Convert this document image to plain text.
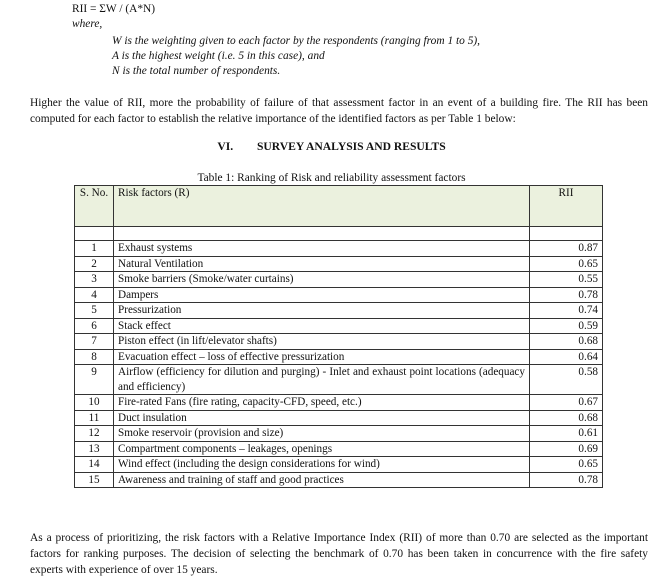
RII = ΣW / (A*N)
where,
W is the weighting given to each factor by the respondents (ranging from 1 to 5),
A is the highest weight (i.e. 5 in this case), and
N is the total number of respondents.
Higher the value of RII, more the probability of failure of that assessment factor in an event of a building fire. The RII has been
computed for each factor to establish the relative importance of the identified factors as per Table 1 below:
VI. SURVEY ANALYSIS AND RESULTS
Table 1: Ranking of Risk and reliability assessment factors
S. No.	Risk factors (R)	RII

1	Exhaust systems	0.87
2	Natural Ventilation	0.65
3	Smoke barriers (Smoke/water curtains)	0.55
4	Dampers	0.78
5	Pressurization	0.74
6	Stack effect	0.59
7	Piston effect (in lift/elevator shafts)	0.68
8	Evacuation effect – loss of effective pressurization	0.64
9	Airflow (efficiency for dilution and purging) - Inlet and exhaust point locations (adequacy and efficiency)	0.58
10	Fire-rated Fans (fire rating, capacity-CFD, speed, etc.)	0.67
11	Duct insulation	0.68
12	Smoke reservoir (provision and size)	0.61
13	Compartment components – leakages, openings	0.69
14	Wind effect (including the design considerations for wind)	0.65
15	Awareness and training of staff and good practices	0.78
As a process of prioritizing, the risk factors with a Relative Importance Index (RII) of more than 0.70 are selected as the important
factors for ranking purposes. The decision of selecting the benchmark of 0.70 has been taken in concurrence with the fire safety
experts with experience of over 15 years.
